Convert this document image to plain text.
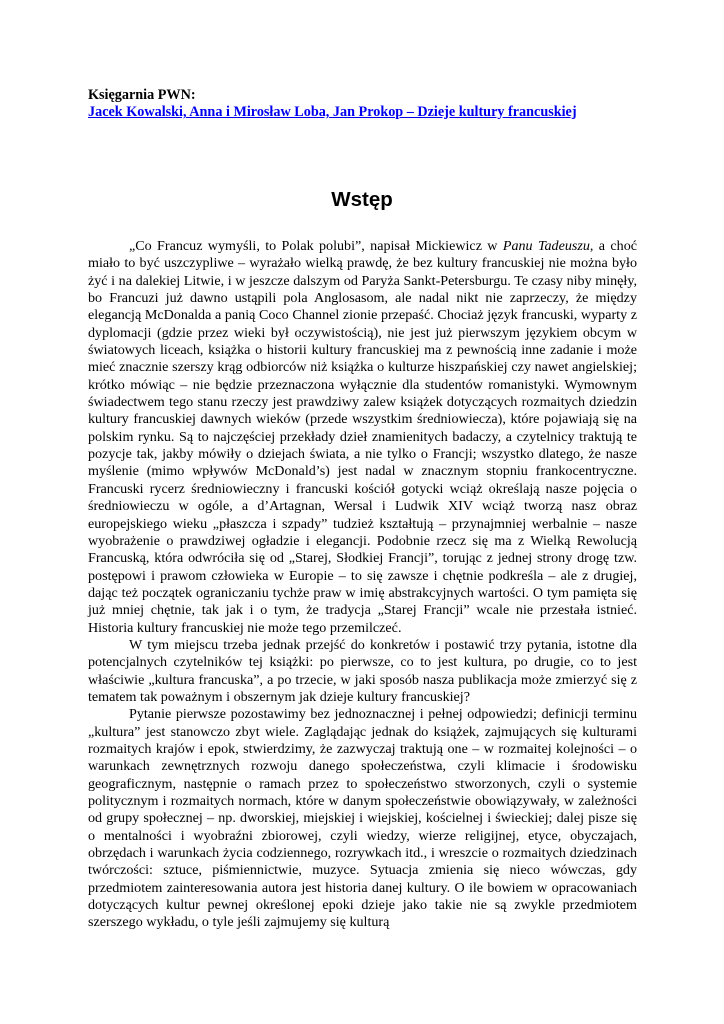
Księgarnia PWN:
Jacek Kowalski, Anna i Mirosław Loba, Jan Prokop – Dzieje kultury francuskiej
Wstęp

„Co Francuz wymyśli, to Polak polubi”, napisał Mickiewicz w Panu Tadeuszu, a choć miało to być uszczypliwe – wyrażało wielką prawdę, że bez kultury francuskiej nie można było żyć i na dalekiej Litwie, i w jeszcze dalszym od Paryża Sankt-Petersburgu. Te czasy niby minęły, bo Francuzi już dawno ustąpili pola Anglosasom, ale nadal nikt nie zaprzeczy, że między elegancją McDonalda a panią Coco Channel zionie przepaść. Chociaż język francuski, wyparty z dyplomacji (gdzie przez wieki był oczywistością), nie jest już pierwszym językiem obcym w światowych liceach, książka o historii kultury francuskiej ma z pewnością inne zadanie i może mieć znacznie szerszy krąg odbiorców niż książka o kulturze hiszpańskiej czy nawet angielskiej; krótko mówiąc – nie będzie przeznaczona wyłącznie dla studentów romanistyki. Wymownym świadectwem tego stanu rzeczy jest prawdziwy zalew książek dotyczących rozmaitych dziedzin kultury francuskiej dawnych wieków (przede wszystkim średniowiecza), które pojawiają się na polskim rynku. Są to najczęściej przekłady dzieł znamienitych badaczy, a czytelnicy traktują te pozycje tak, jakby mówiły o dziejach świata, a nie tylko o Francji; wszystko dlatego, że nasze myślenie (mimo wpływów McDonald’s) jest nadal w znacznym stopniu frankocentryczne. Francuski rycerz średniowieczny i francuski kościół gotycki wciąż określają nasze pojęcia o średniowieczu w ogóle, a d’Artagnan, Wersal i Ludwik XIV wciąż tworzą nasz obraz europejskiego wieku „płaszcza i szpady” tudzież kształtują – przynajmniej werbalnie – nasze wyobrażenie o prawdziwej ogładzie i elegancji. Podobnie rzecz się ma z Wielką Rewolucją Francuską, która odwróciła się od „Starej, Słodkiej Francji”, torując z jednej strony drogę tzw. postępowi i prawom człowieka w Europie – to się zawsze i chętnie podkreśla – ale z drugiej, dając też początek ograniczaniu tychże praw w imię abstrakcyjnych wartości. O tym pamięta się już mniej chętnie, tak jak i o tym, że tradycja „Starej Francji” wcale nie przestała istnieć. Historia kultury francuskiej nie może tego przemilczeć.

W tym miejscu trzeba jednak przejść do konkretów i postawić trzy pytania, istotne dla potencjalnych czytelników tej książki: po pierwsze, co to jest kultura, po drugie, co to jest właściwie „kultura francuska”, a po trzecie, w jaki sposób nasza publikacja może zmierzyć się z tematem tak poważnym i obszernym jak dzieje kultury francuskiej?

Pytanie pierwsze pozostawimy bez jednoznacznej i pełnej odpowiedzi; definicji terminu „kultura” jest stanowczo zbyt wiele. Zaglądając jednak do książek, zajmujących się kulturami rozmaitych krajów i epok, stwierdzimy, że zazwyczaj traktują one – w rozmaitej kolejności – o warunkach zewnętrznych rozwoju danego społeczeństwa, czyli klimacie i środowisku geograficznym, następnie o ramach przez to społeczeństwo stworzonych, czyli o systemie politycznym i rozmaitych normach, które w danym społeczeństwie obowiązywały, w zależności od grupy społecznej – np. dworskiej, miejskiej i wiejskiej, kościelnej i świeckiej; dalej pisze się o mentalności i wyobraźni zbiorowej, czyli wiedzy, wierze religijnej, etyce, obyczajach, obrzędach i warunkach życia codziennego, rozrywkach itd., i wreszcie o rozmaitych dziedzinach twórczości: sztuce, piśmiennictwie, muzyce. Sytuacja zmienia się nieco wówczas, gdy przedmiotem zainteresowania autora jest historia danej kultury. O ile bowiem w opracowaniach dotyczących kultur pewnej określonej epoki dzieje jako takie nie są zwykle przedmiotem szerszego wykładu, o tyle jeśli zajmujemy się kulturą
